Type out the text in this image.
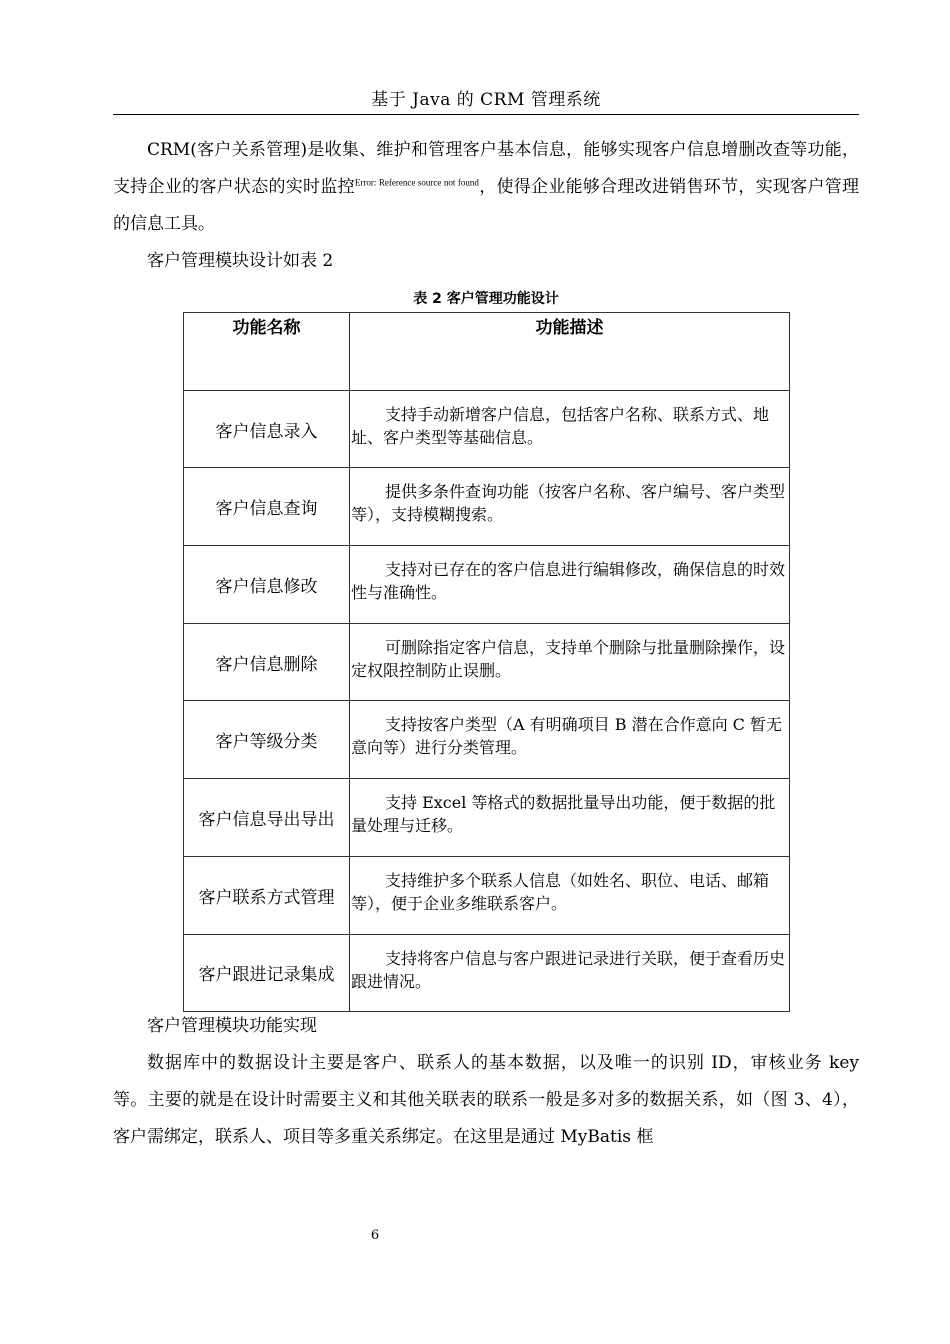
基于 Java 的 CRM 管理系统
CRM(客户关系管理)是收集、维护和管理客户基本信息，能够实现客户信息增删改查等功能，支持企业的客户状态的实时监控$^{Error: Reference source not found}$，使得企业能够合理改进销售环节，实现客户管理的信息工具。
客户管理模块设计如表 2
表 2 客户管理功能设计
功能名称	功能描述
客户信息录入	支持手动新增客户信息，包括客户名称、联系方式、地址、客户类型等基础信息。
客户信息查询	提供多条件查询功能（按客户名称、客户编号、客户类型等），支持模糊搜索。
客户信息修改	支持对已存在的客户信息进行编辑修改，确保信息的时效性与准确性。
客户信息删除	可删除指定客户信息，支持单个删除与批量删除操作，设定权限控制防止误删。
客户等级分类	支持按客户类型（A 有明确项目 B 潜在合作意向 C 暂无意向等）进行分类管理。
客户信息导出导出	支持 Excel 等格式的数据批量导出功能，便于数据的批量处理与迁移。
客户联系方式管理	支持维护多个联系人信息（如姓名、职位、电话、邮箱等），便于企业多维联系客户。
客户跟进记录集成	支持将客户信息与客户跟进记录进行关联，便于查看历史跟进情况。
客户管理模块功能实现
数据库中的数据设计主要是客户、联系人的基本数据，以及唯一的识别 ID，审核业务 key 等。主要的就是在设计时需要主义和其他关联表的联系一般是多对多的数据关系，如（图 3、4），客户需绑定，联系人、项目等多重关系绑定。在这里是通过 MyBatis 框
6
